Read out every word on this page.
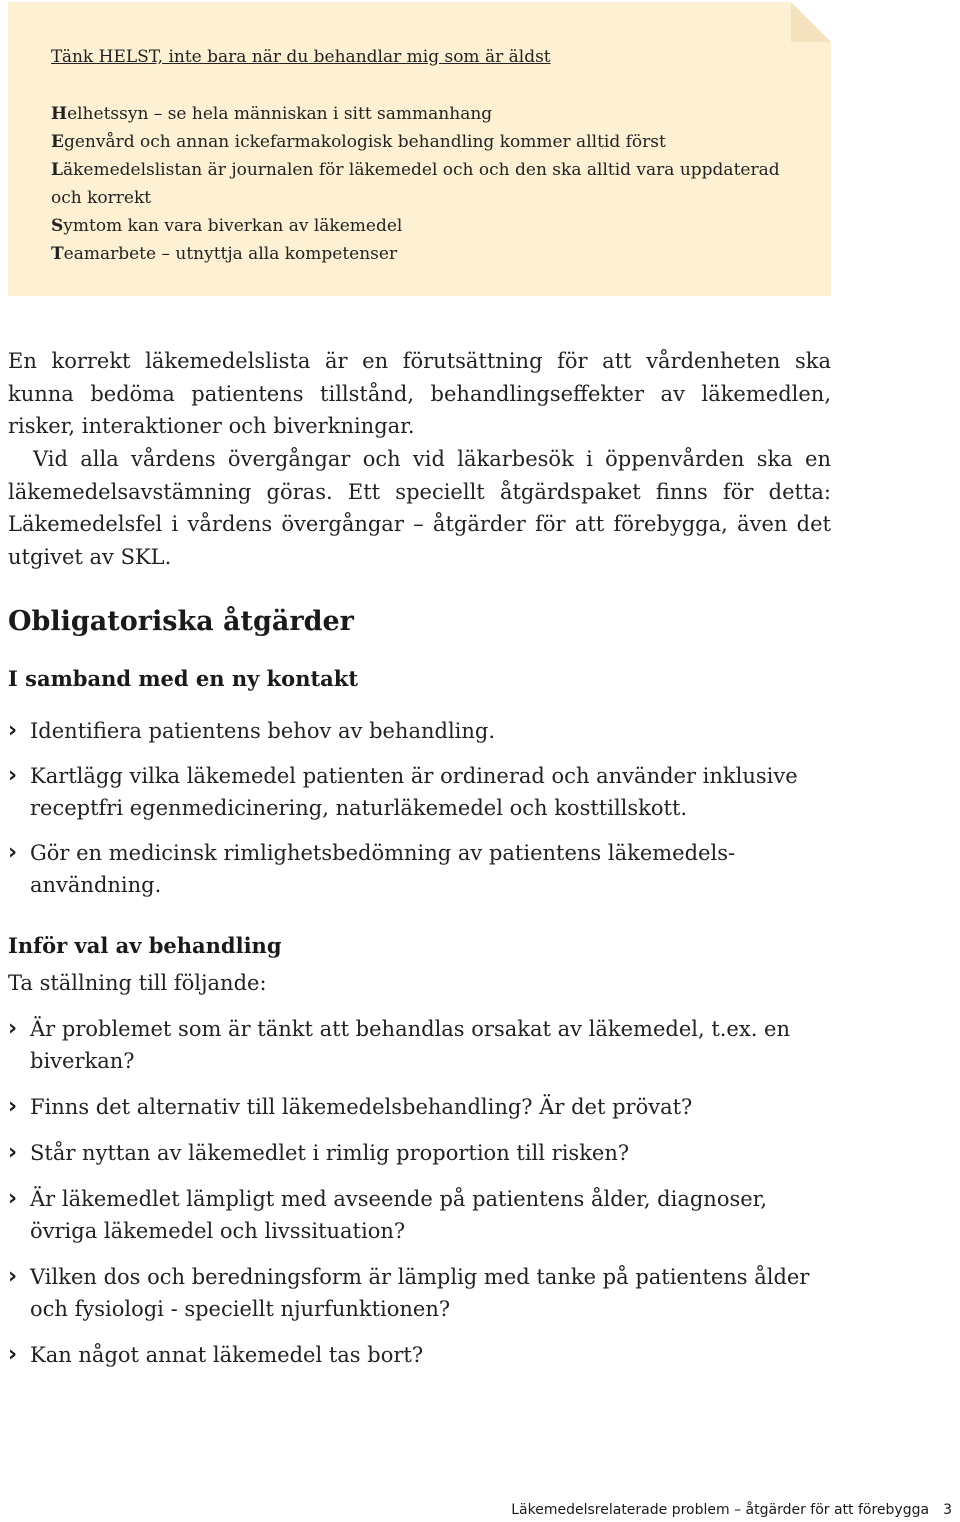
Tänk HELST, inte bara när du behandlar mig som är äldst
Helhetssyn – se hela människan i sitt sammanhang
Egenvård och annan ickefarmakologisk behandling kommer alltid först
Läkemedelslistan är journalen för läkemedel och och den ska alltid vara uppdaterad och korrekt
Symtom kan vara biverkan av läkemedel
Teamarbete – utnyttja alla kompetenser

En korrekt läkemedelslista är en förutsättning för att vårdenheten ska kunna bedöma patientens tillstånd, behandlingseffekter av läkemedlen, risker, interaktioner och biverkningar.

Vid alla vårdens övergångar och vid läkarbesök i öppenvården ska en läkemedelsavstämning göras. Ett speciellt åtgärdspaket finns för detta: Läkemedelsfel i vårdens övergångar – åtgärder för att förebygga, även det utgivet av SKL.

Obligatoriska åtgärder
I samband med en ny kontakt
› Identifiera patientens behov av behandling.
› Kartlägg vilka läkemedel patienten är ordinerad och använder inklusive receptfri egenmedicinering, naturläkemedel och kosttillskott.
› Gör en medicinsk rimlighetsbedömning av patientens läkemedels-användning.
Inför val av behandling

Ta ställning till följande:

› Är problemet som är tänkt att behandlas orsakat av läkemedel, t.ex. en biverkan?
› Finns det alternativ till läkemedelsbehandling? Är det prövat?
› Står nyttan av läkemedlet i rimlig proportion till risken?
› Är läkemedlet lämpligt med avseende på patientens ålder, diagnoser, övriga läkemedel och livssituation?
› Vilken dos och beredningsform är lämplig med tanke på patientens ålder och fysiologi - speciellt njurfunktionen?
› Kan något annat läkemedel tas bort?

Läkemedelsrelaterade problem – åtgärder för att förebygga 3
